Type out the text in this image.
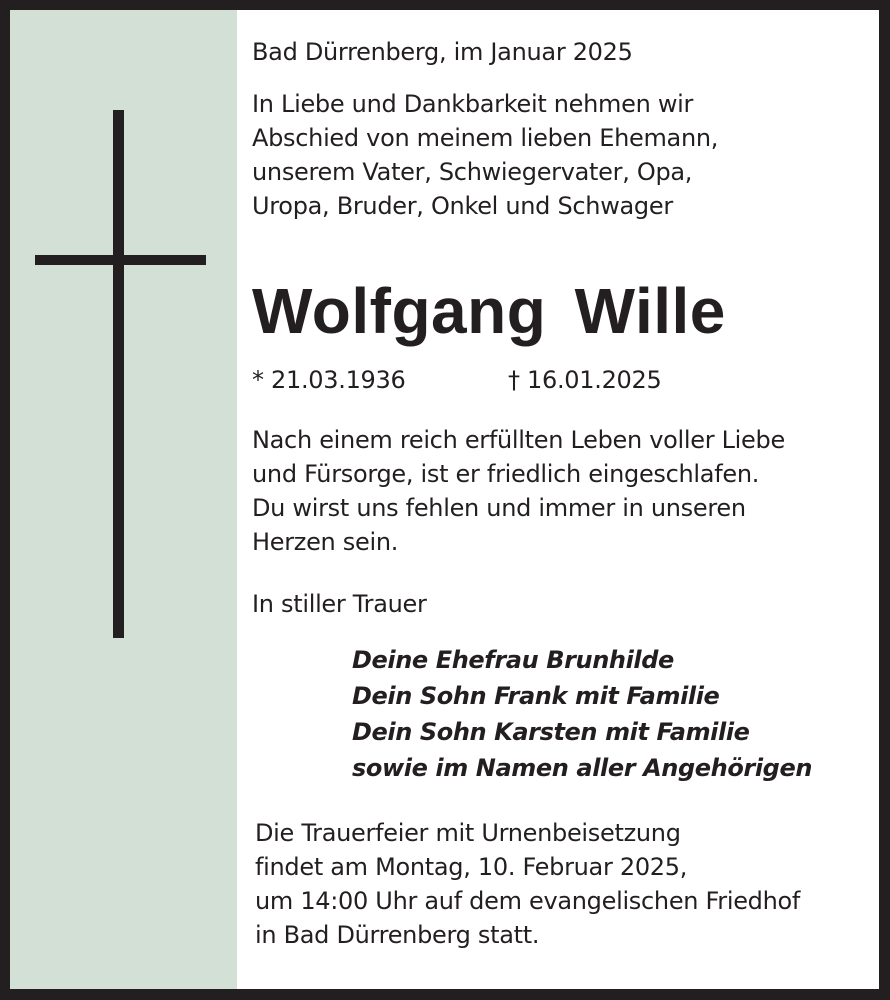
Bad Dürrenberg, im Januar 2025
In Liebe und Dankbarkeit nehmen wir
Abschied von meinem lieben Ehemann,
unserem Vater, Schwiegervater, Opa,
Uropa, Bruder, Onkel und Schwager
Wolfgang Wille
* 21.03.1936	† 16.01.2025
Nach einem reich erfüllten Leben voller Liebe
und Fürsorge, ist er friedlich eingeschlafen.
Du wirst uns fehlen und immer in unseren
Herzen sein.
In stiller Trauer
Deine Ehefrau Brunhilde
Dein Sohn Frank mit Familie
Dein Sohn Karsten mit Familie
sowie im Namen aller Angehörigen
Die Trauerfeier mit Urnenbeisetzung
findet am Montag, 10. Februar 2025,
um 14:00 Uhr auf dem evangelischen Friedhof
in Bad Dürrenberg statt.
